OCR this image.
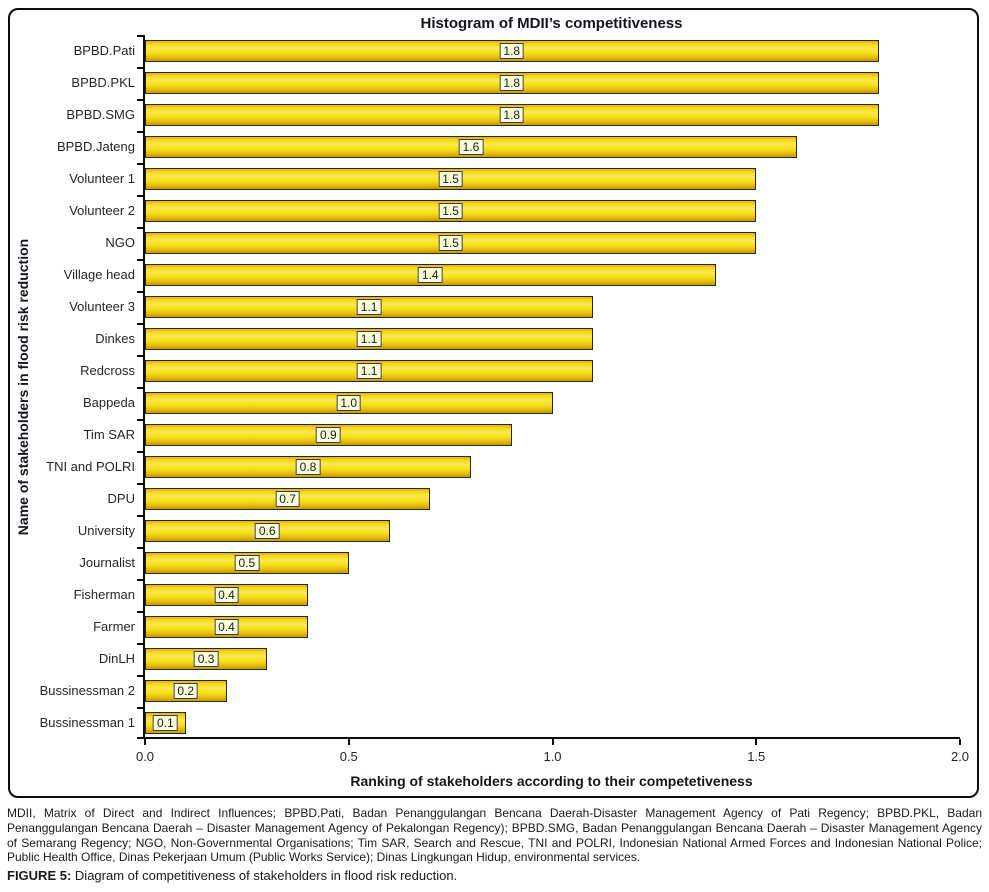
Histogram of MDII’s competitiveness
Name of stakeholders in flood risk reduction
BPBD.Pati	1.8
BPBD.PKL	1.8
BPBD.SMG	1.8
BPBD.Jateng	1.6
Volunteer 1	1.5
Volunteer 2	1.5
NGO	1.5
Village head	1.4
Volunteer 3	1.1
Dinkes	1.1
Redcross	1.1
Bappeda	1.0
Tim SAR	0.9
TNI and POLRI	0.8
DPU	0.7
University	0.6
Journalist	0.5
Fisherman	0.4
Farmer	0.4
DinLH	0.3
Bussinessman 2	0.2
Bussinessman 1	0.1
0.0	0.5	1.0	1.5	2.0
Ranking of stakeholders according to their competetiveness

MDII, Matrix of Direct and Indirect Influences; BPBD.Pati, Badan Penanggulangan Bencana Daerah-Disaster Management Agency of Pati Regency; BPBD.PKL, Badan Penanggulangan Bencana Daerah – Disaster Management Agency of Pekalongan Regency); BPBD.SMG, Badan Penanggulangan Bencana Daerah – Disaster Management Agency of Semarang Regency; NGO, Non-Governmental Organisations; Tim SAR, Search and Rescue, TNI and POLRI, Indonesian National Armed Forces and Indonesian National Police; Public Health Office, Dinas Pekerjaan Umum (Public Works Service); Dinas Lingkungan Hidup, environmental services.

FIGURE 5: Diagram of competitiveness of stakeholders in flood risk reduction.
